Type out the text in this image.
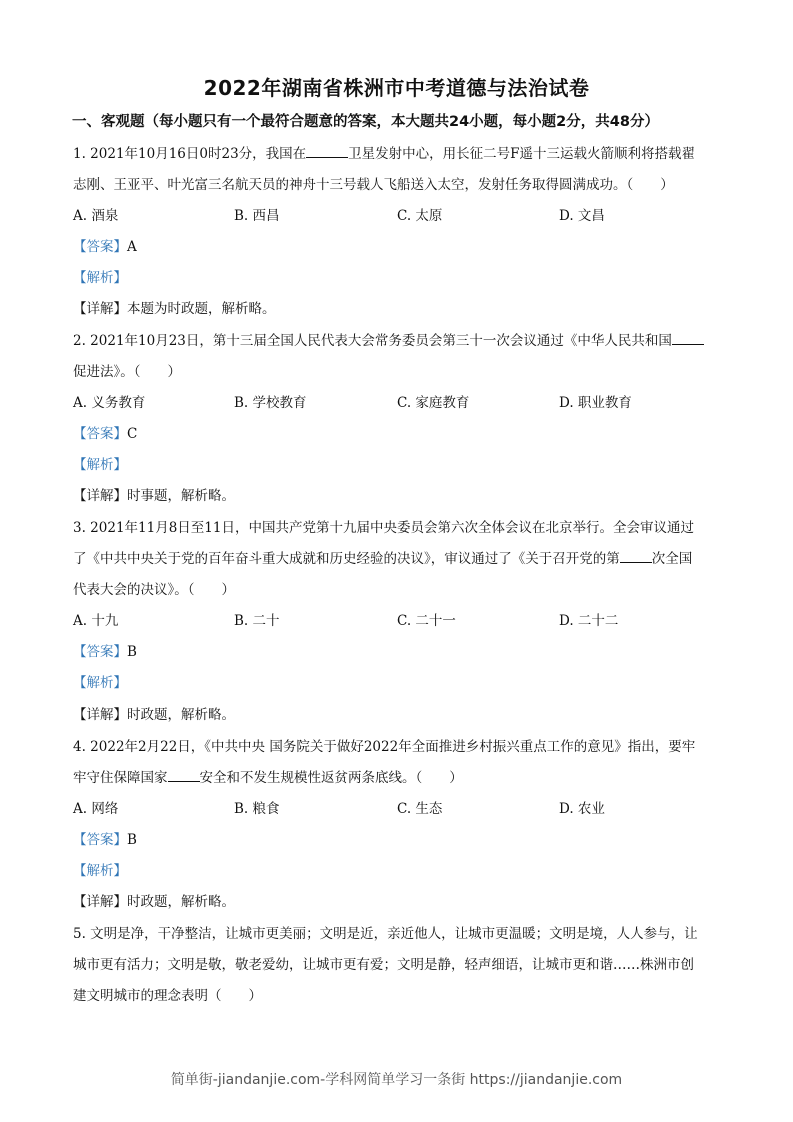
2022年湖南省株洲市中考道德与法治试卷
一、客观题（每小题只有一个最符合题意的答案，本大题共24小题，每小题2分，共48分）
1. 2021年10月16日0时23分，我国在	卫星发射中心，用长征二号F遥十三运载火箭顺利将搭载翟
志刚、王亚平、叶光富三名航天员的神舟十三号载人飞船送入太空，发射任务取得圆满成功。（　　）
A. 酒泉	B. 西昌	C. 太原	D. 文昌
【答案】A
【解析】
【详解】本题为时政题，解析略。
2. 2021年10月23日，第十三届全国人民代表大会常务委员会第三十一次会议通过《中华人民共和国
促进法》。（　　）
A. 义务教育	B. 学校教育	C. 家庭教育	D. 职业教育
【答案】C
【解析】
【详解】时事题，解析略。
3. 2021年11月8日至11日，中国共产党第十九届中央委员会第六次全体会议在北京举行。全会审议通过
了《中共中央关于党的百年奋斗重大成就和历史经验的决议》，审议通过了《关于召开党的第 次全国
代表大会的决议》。（　　）
A. 十九	B. 二十	C. 二十一	D. 二十二
【答案】B
【解析】
【详解】时政题，解析略。
4. 2022年2月22日，《中共中央 国务院关于做好2022年全面推进乡村振兴重点工作的意见》指出，要牢
牢守住保障国家 安全和不发生规模性返贫两条底线。（　　）
A. 网络	B. 粮食	C. 生态	D. 农业
【答案】B
【解析】
【详解】时政题，解析略。
5. 文明是净，干净整洁，让城市更美丽；文明是近，亲近他人，让城市更温暖；文明是境，人人参与，让
城市更有活力；文明是敬，敬老爱幼，让城市更有爱；文明是静，轻声细语，让城市更和谐……株洲市创
建文明城市的理念表明（　　）
简单街-jiandanjie.com-学科网简单学习一条街 https://jiandanjie.com
